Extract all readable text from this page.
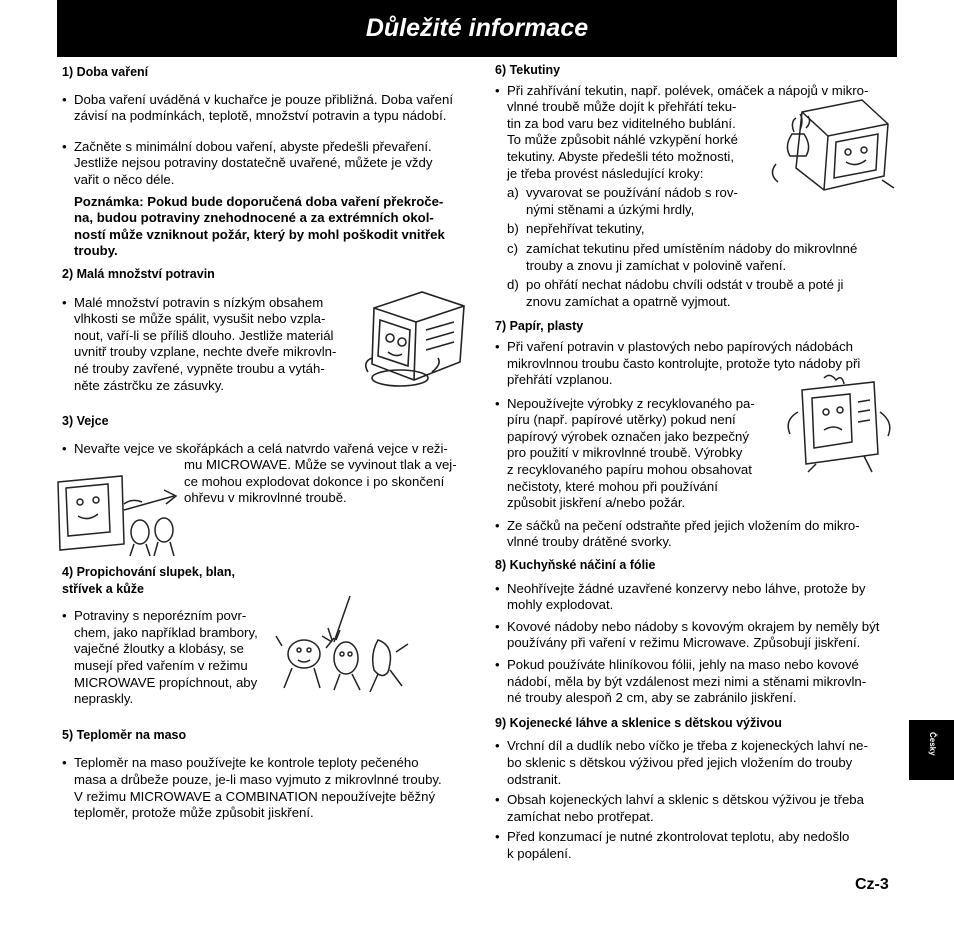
Důležité informace

1) Doba vaření

• Doba vaření uváděná v kuchařce je pouze přibližná. Doba vaření
závisí na podmínkách, teplotě, množství potravin a typu nádobí.
• Začněte s minimální dobou vaření, abyste předešli převaření.
Jestliže nejsou potraviny dostatečně uvařené, můžete je vždy
vařit o něco déle.
Poznámka: Pokud bude doporučená doba vaření překroče-
na, budou potraviny znehodnocené a za extrémních okol-
ností může vzniknout požár, který by mohl poškodit vnitřek
trouby.

2) Malá množství potravin

• Malé množství potravin s nízkým obsahem
vlhkosti se může spálit, vysušit nebo vzpla-
nout, vaří-li se příliš dlouho. Jestliže materiál
uvnitř trouby vzplane, nechte dveře mikrovln-
né trouby zavřené, vypněte troubu a vytáh-
něte zástrčku ze zásuvky.

3) Vejce

• Nevařte vejce ve skořápkách a celá natvrdo vařená vejce v reži-
mu MICROWAVE. Může se vyvinout tlak a vej-
ce mohou explodovat dokonce i po skončení
ohřevu v mikrovlnné troubě.

4) Propichování slupek, blan,
střívek a kůže

• Potraviny s neporézním povr-
chem, jako například brambory,
vaječné žloutky a klobásy, se
musejí před vařením v režimu
MICROWAVE propíchnout, aby
nepraskly.

5) Teploměr na maso

• Teploměr na maso používejte ke kontrole teploty pečeného
masa a drůbeže pouze, je-li maso vyjmuto z mikrovlnné trouby.
V režimu MICROWAVE a COMBINATION nepoužívejte běžný
teploměr, protože může způsobit jiskření.

6) Tekutiny

• Při zahřívání tekutin, např. polévek, omáček a nápojů v mikro-
vlnné troubě může dojít k přehřátí teku-
tin za bod varu bez viditelného bublání.
To může způsobit náhlé vzkypění horké
tekutiny. Abyste předešli této možnosti,
je třeba provést následující kroky:
a) vyvarovat se používání nádob s rov-
nými stěnami a úzkými hrdly,
b) nepřehřívat tekutiny,
c) zamíchat tekutinu před umístěním nádoby do mikrovlnné
trouby a znovu ji zamíchat v polovině vaření.
d) po ohřátí nechat nádobu chvíli odstát v troubě a poté ji
znovu zamíchat a opatrně vyjmout.

7) Papír, plasty

• Při vaření potravin v plastových nebo papírových nádobách
mikrovlnnou troubu často kontrolujte, protože tyto nádoby při
přehřátí vzplanou.
• Nepoužívejte výrobky z recyklovaného pa-
píru (např. papírové utěrky) pokud není
papírový výrobek označen jako bezpečný
pro použití v mikrovlnné troubě. Výrobky
z recyklovaného papíru mohou obsahovat
nečistoty, které mohou při používání
způsobit jiskření a/nebo požár.
• Ze sáčků na pečení odstraňte před jejich vložením do mikro-
vlnné trouby drátěné svorky.

8) Kuchyňské náčiní a fólie

• Neohřívejte žádné uzavřené konzervy nebo láhve, protože by
mohly explodovat.
• Kovové nádoby nebo nádoby s kovovým okrajem by neměly být
používány při vaření v režimu Microwave. Způsobují jiskření.
• Pokud používáte hliníkovou fólii, jehly na maso nebo kovové
nádobí, měla by být vzdálenost mezi nimi a stěnami mikrovln-
né trouby alespoň 2 cm, aby se zabránilo jiskření.

9) Kojenecké láhve a sklenice s dětskou výživou

• Vrchní díl a dudlík nebo víčko je třeba z kojeneckých lahví ne-
bo sklenic s dětskou výživou před jejich vložením do trouby
odstranit.
• Obsah kojeneckých lahví a sklenic s dětskou výživou je třeba
zamíchat nebo protřepat.
• Před konzumací je nutné zkontrolovat teplotu, aby nedošlo
k popálení.
Česky
Cz-3
